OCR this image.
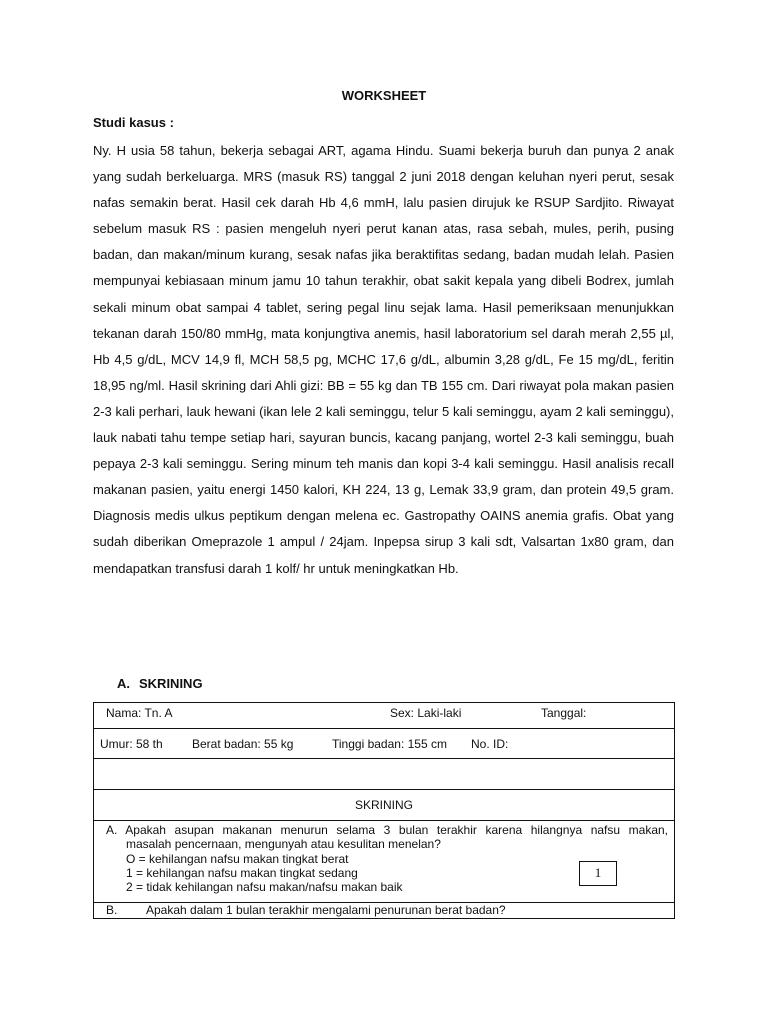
WORKSHEET
Studi kasus :

Ny. H usia 58 tahun, bekerja sebagai ART, agama Hindu. Suami bekerja buruh dan punya 2 anak yang sudah berkeluarga. MRS (masuk RS) tanggal 2 juni 2018 dengan keluhan nyeri perut, sesak nafas semakin berat. Hasil cek darah Hb 4,6 mmH, lalu pasien dirujuk ke RSUP Sardjito. Riwayat sebelum masuk RS : pasien mengeluh nyeri perut kanan atas, rasa sebah, mules, perih, pusing badan, dan makan/minum kurang, sesak nafas jika beraktifitas sedang, badan mudah lelah. Pasien mempunyai kebiasaan minum jamu 10 tahun terakhir, obat sakit kepala yang dibeli Bodrex, jumlah sekali minum obat sampai 4 tablet, sering pegal linu sejak lama. Hasil pemeriksaan menunjukkan tekanan darah 150/80 mmHg, mata konjungtiva anemis, hasil laboratorium sel darah merah 2,55 µl, Hb 4,5 g/dL, MCV 14,9 fl, MCH 58,5 pg, MCHC 17,6 g/dL, albumin 3,28 g/dL, Fe 15 mg/dL, feritin 18,95 ng/ml. Hasil skrining dari Ahli gizi: BB = 55 kg dan TB 155 cm. Dari riwayat pola makan pasien 2-3 kali perhari, lauk hewani (ikan lele 2 kali seminggu, telur 5 kali seminggu, ayam 2 kali seminggu), lauk nabati tahu tempe setiap hari, sayuran buncis, kacang panjang, wortel 2-3 kali seminggu, buah pepaya 2-3 kali seminggu. Sering minum teh manis dan kopi 3-4 kali seminggu. Hasil analisis recall makanan pasien, yaitu energi 1450 kalori, KH 224, 13 g, Lemak 33,9 gram, dan protein 49,5 gram. Diagnosis medis ulkus peptikum dengan melena ec. Gastropathy OAINS anemia grafis. Obat yang sudah diberikan Omeprazole 1 ampul / 24jam. Inpepsa sirup 3 kali sdt, Valsartan 1x80 gram, dan mendapatkan transfusi darah 1 kolf/ hr untuk meningkatkan Hb.

A. SKRINING
Nama: Tn. A	Sex: Laki-laki	Tanggal:

Umur: 58 th Berat badan: 55 kg	Tinggi badan: 155 cm No. ID:

SKRINING

A. Apakah asupan makanan menurun selama 3 bulan terakhir karena hilangnya nafsu makan,
masalah pencernaan, mengunyah atau kesulitan menelan?
O = kehilangan nafsu makan tingkat berat
1 = kehilangan nafsu makan tingkat sedang
2 = tidak kehilangan nafsu makan/nafsu makan baik
1

B. Apakah dalam 1 bulan terakhir mengalami penurunan berat badan?
